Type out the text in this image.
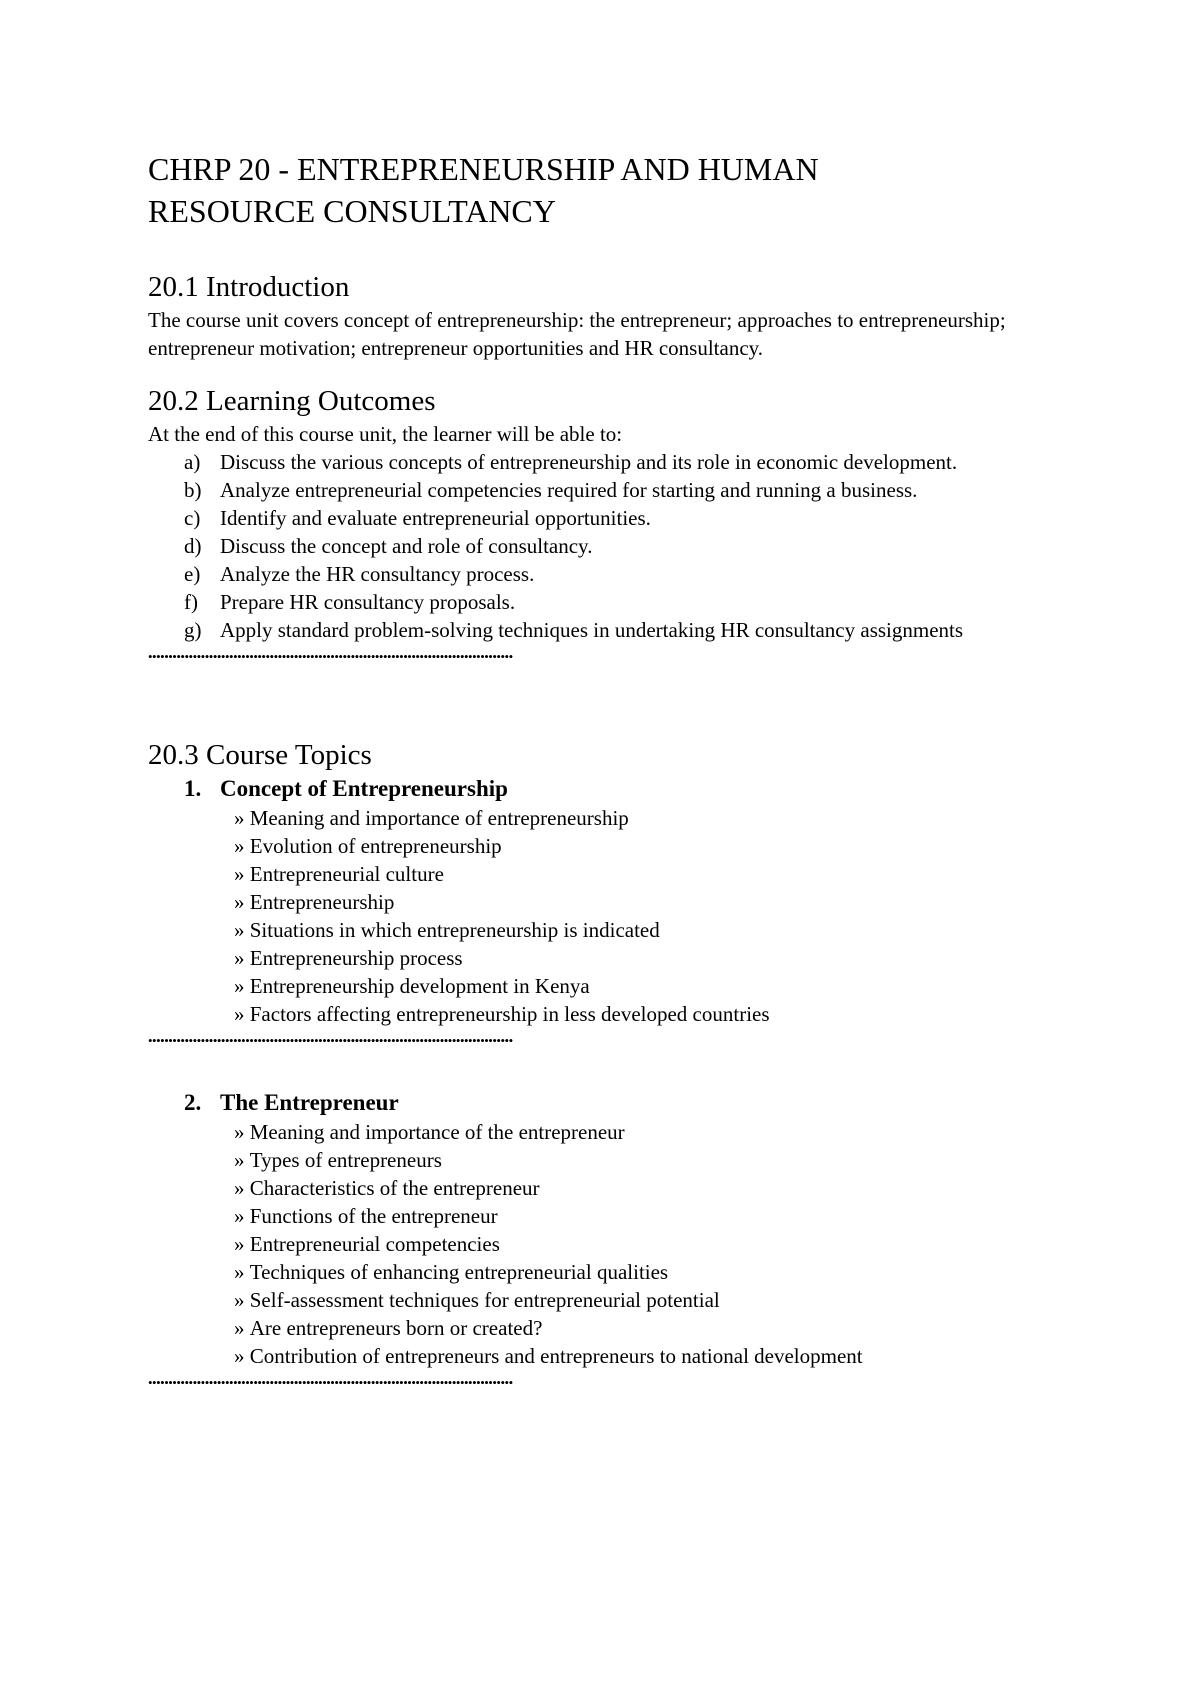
CHRP 20 - ENTREPRENEURSHIP AND HUMAN
RESOURCE CONSULTANCY
20.1 Introduction

The course unit covers concept of entrepreneurship: the entrepreneur; approaches to entrepreneurship; entrepreneur motivation; entrepreneur opportunities and HR consultancy.

20.2 Learning Outcomes

At the end of this course unit, the learner will be able to:

a) Discuss the various concepts of entrepreneurship and its role in economic development.
b) Analyze entrepreneurial competencies required for starting and running a business.
c) Identify and evaluate entrepreneurial opportunities.
d) Discuss the concept and role of consultancy.
e) Analyze the HR consultancy process.
f)	Prepare HR consultancy proposals.
g) Apply standard problem-solving techniques in undertaking HR consultancy assignments

••••••••••••••••••••••••••••••••••••••••••••••••••••••••••••••••••••••••••••••••••••••••••

20.3 Course Topics
1. Concept of Entrepreneurship
» Meaning and importance of entrepreneurship
» Evolution of entrepreneurship
» Entrepreneurial culture
» Entrepreneurship
» Situations in which entrepreneurship is indicated
» Entrepreneurship process
» Entrepreneurship development in Kenya
» Factors affecting entrepreneurship in less developed countries

••••••••••••••••••••••••••••••••••••••••••••••••••••••••••••••••••••••••••••••••••••••••••

2. The Entrepreneur
» Meaning and importance of the entrepreneur
» Types of entrepreneurs
» Characteristics of the entrepreneur
» Functions of the entrepreneur
» Entrepreneurial competencies
» Techniques of enhancing entrepreneurial qualities
» Self-assessment techniques for entrepreneurial potential
» Are entrepreneurs born or created?
» Contribution of entrepreneurs and entrepreneurs to national development

••••••••••••••••••••••••••••••••••••••••••••••••••••••••••••••••••••••••••••••••••••••••••
